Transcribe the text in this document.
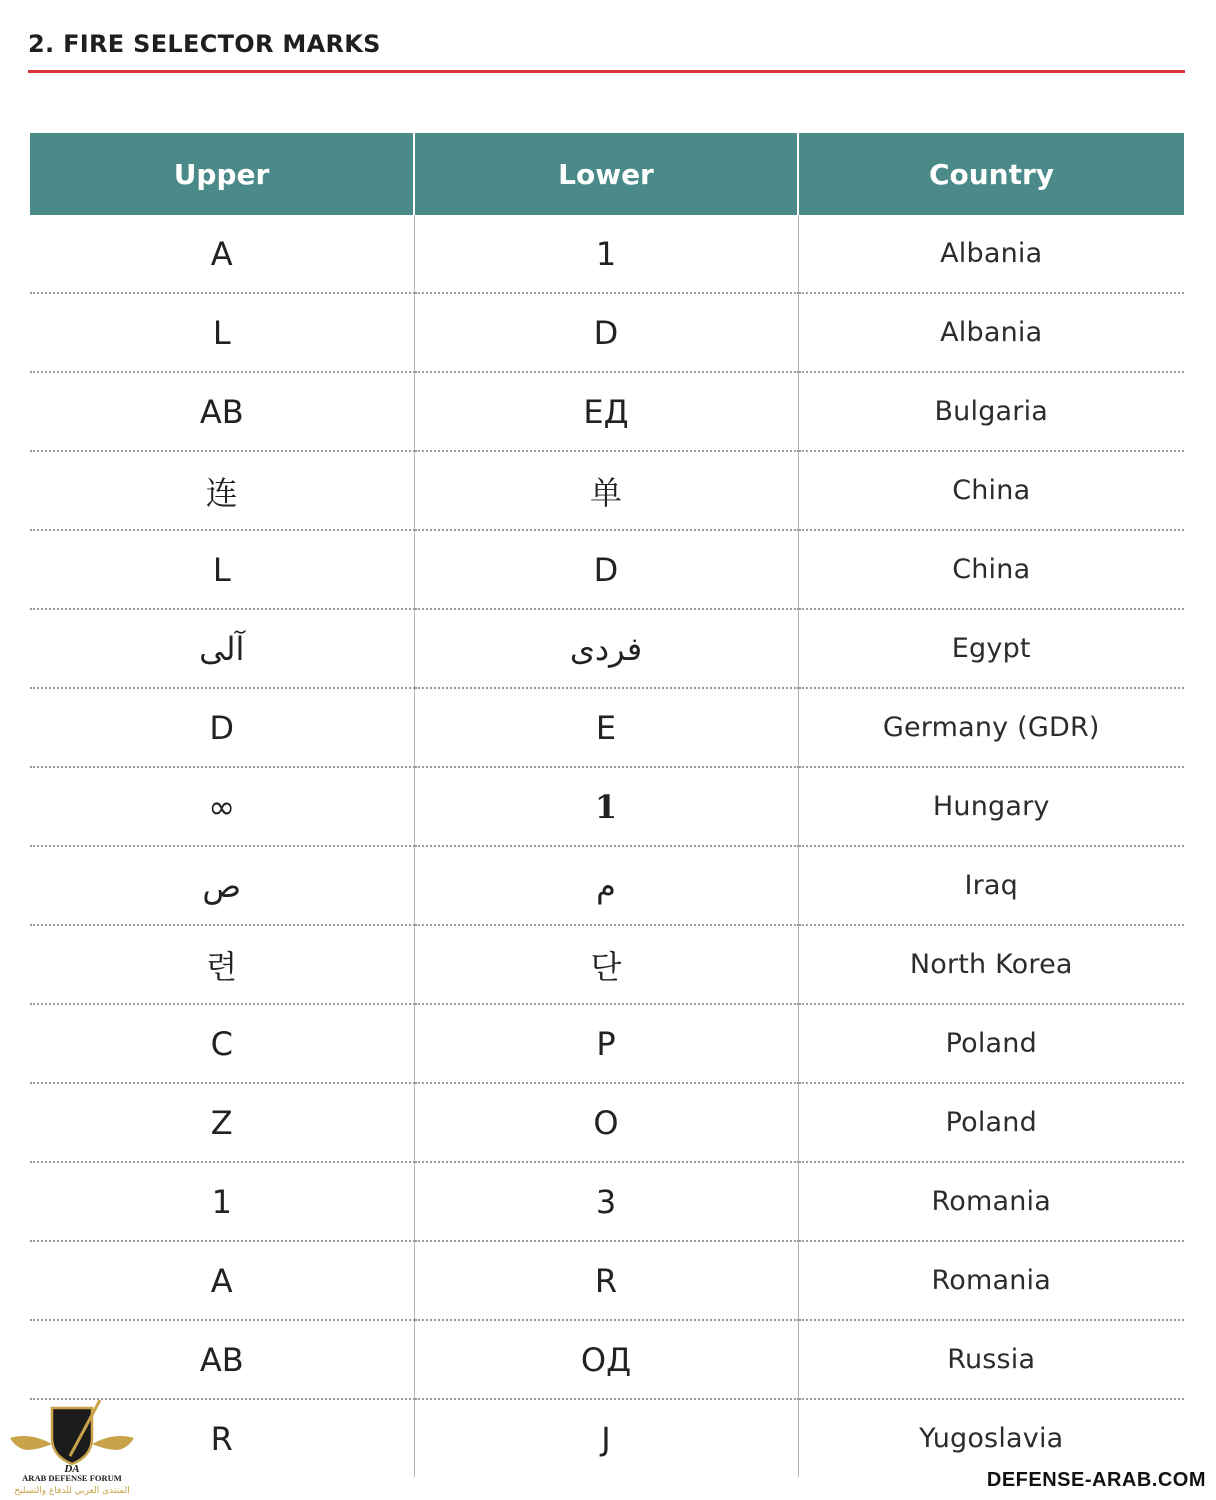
2. FIRE SELECTOR MARKS
Upper	Lower	Country
A	1	Albania
L	D	Albania
AB	ЕД	Bulgaria
连	单	China
L	D	China
آلى	فردى	Egypt
D	E	Germany (GDR)
∞	1	Hungary
ص	م	Iraq
련	단	North Korea
C	P	Poland
Z	O	Poland
1	3	Romania
A	R	Romania
AB	ОД	Russia
R	J	Yugoslavia
DA
ARAB DEFENSE FORUM
المنتدى العربي للدفاع والتسليح	DEFENSE-ARAB.COM
